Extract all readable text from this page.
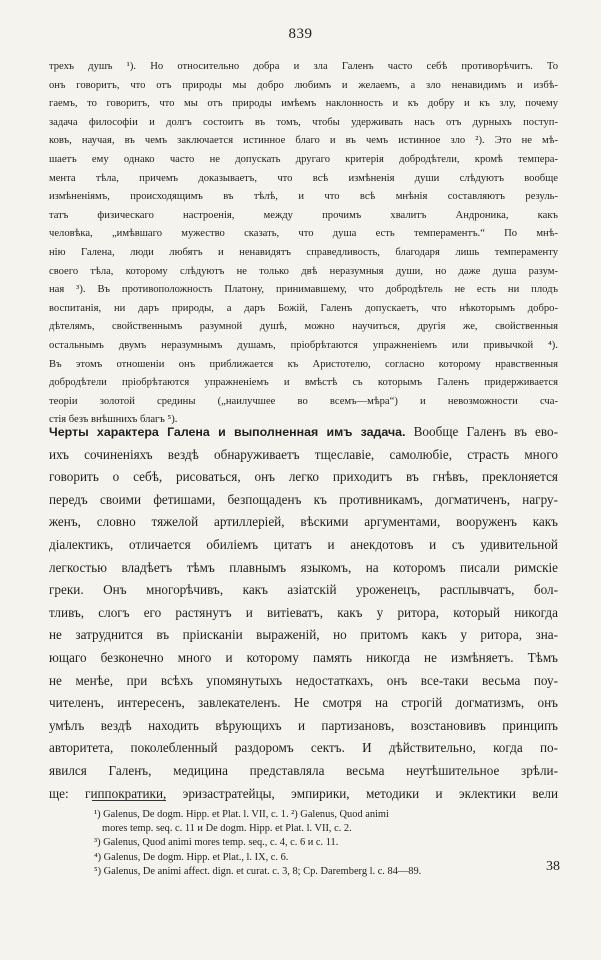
839
трехъ душъ ¹). Но относительно добра и зла Галенъ часто себѣ противорѣчитъ. То
онъ говоритъ, что отъ природы мы добро любимъ и желаемъ, а зло ненавидимъ и избѣ-
гаемъ, то говоритъ, что мы отъ природы имѣемъ наклонность и къ добру и къ злу, почему
задача философіи и долгъ состоитъ въ томъ, чтобы удерживать насъ отъ дурныхъ поступ-
ковъ, научая, въ чемъ заключается истинное благо и въ чемъ истинное зло ²). Это не мѣ-
шаетъ ему однако часто не допускать другаго критерія добродѣтели, кромѣ темпера-
мента тѣла, причемъ доказываетъ, что всѣ измѣненія души слѣдуютъ вообще
измѣненіямъ, происходящимъ въ тѣлѣ, и что всѣ мнѣнія составляютъ резуль-
татъ физическаго настроенія, между прочимъ хвалитъ Андроника, какъ
человѣка, „имѣвшаго мужество сказать, что душа есть темпераментъ.“ По мнѣ-
нію Галена, люди любятъ и ненавидятъ справедливость, благодаря лишь темпераменту
своего тѣла, которому слѣдуютъ не только двѣ неразумныя души, но даже душа разум-
ная ³). Въ противоположность Платону, принимавшему, что добродѣтель не есть ни плодъ
воспитанія, ни даръ природы, а даръ Божій, Галенъ допускаетъ, что нѣкоторымъ добро-
дѣтелямъ, свойственнымъ разумной душѣ, можно научиться, другія же, свойственныя
остальнымъ двумъ неразумнымъ душамъ, пріобрѣтаются упражненіемъ или привычкой ⁴).
Въ этомъ отношеніи онъ приближается къ Аристотелю, согласно которому нравственныя
добродѣтели пріобрѣтаются упражненіемъ и вмѣстѣ съ которымъ Галенъ придерживается
теоріи золотой средины („наилучшее во всемъ—мѣра“) и невозможности сча-
стія безъ внѣшнихъ благъ ⁵).
Черты характера Галена и выполненная имъ задача. Вообще Галенъ въ ево-
ихъ сочиненіяхъ вездѣ обнаруживаетъ тщеславіе, самолюбіе, страсть много
говорить о себѣ, рисоваться, онъ легко приходитъ въ гнѣвъ, преклоняется
передъ своими фетишами, безпощаденъ къ противникамъ, догматиченъ, нагру-
женъ, словно тяжелой артиллеріей, вѣскими аргументами, вооруженъ какъ
діалектикъ, отличается обиліемъ цитатъ и анекдотовъ и съ удивительной
легкостью владѣетъ тѣмъ плавнымъ языкомъ, на которомъ писали римскіе
греки. Онъ многорѣчивъ, какъ азіатскій уроженецъ, расплывчатъ, бол-
тливъ, слогъ его растянутъ и витіеватъ, какъ у ритора, который никогда
не затруднится въ пріисканіи выраженій, но притомъ какъ у ритора, зна-
ющаго безконечно много и которому память никогда не измѣняетъ. Тѣмъ
не менѣе, при всѣхъ упомянутыхъ недостаткахъ, онъ все-таки весьма поу-
чителенъ, интересенъ, завлекателенъ. Не смотря на строгій догматизмъ, онъ
умѣлъ вездѣ находить вѣрующихъ и партизановъ, возстановивъ принципъ
авторитета, поколебленный раздоромъ сектъ. И дѣйствительно, когда по-
явился Галенъ, медицина представляла весьма неутѣшительное зрѣли-
ще: гиппократики, эризастратейцы, эмпирики, методики и эклектики вели
¹) Galenus, De dogm. Hipp. et Plat. l. VII, c. 1. ²) Galenus, Quod animi
mores temp. seq. c. 11 и De dogm. Hipp. et Plat. l. VII, c. 2.
³) Galenus, Quod animi mores temp. seq., c. 4, c. 6 и c. 11.
⁴) Galenus, De dogm. Hipp. et Plat., l. IX, c. 6.
⁵) Galenus, De animi affect. dign. et curat. c. 3, 8; Ср. Daremberg l. c. 84—89.	38
